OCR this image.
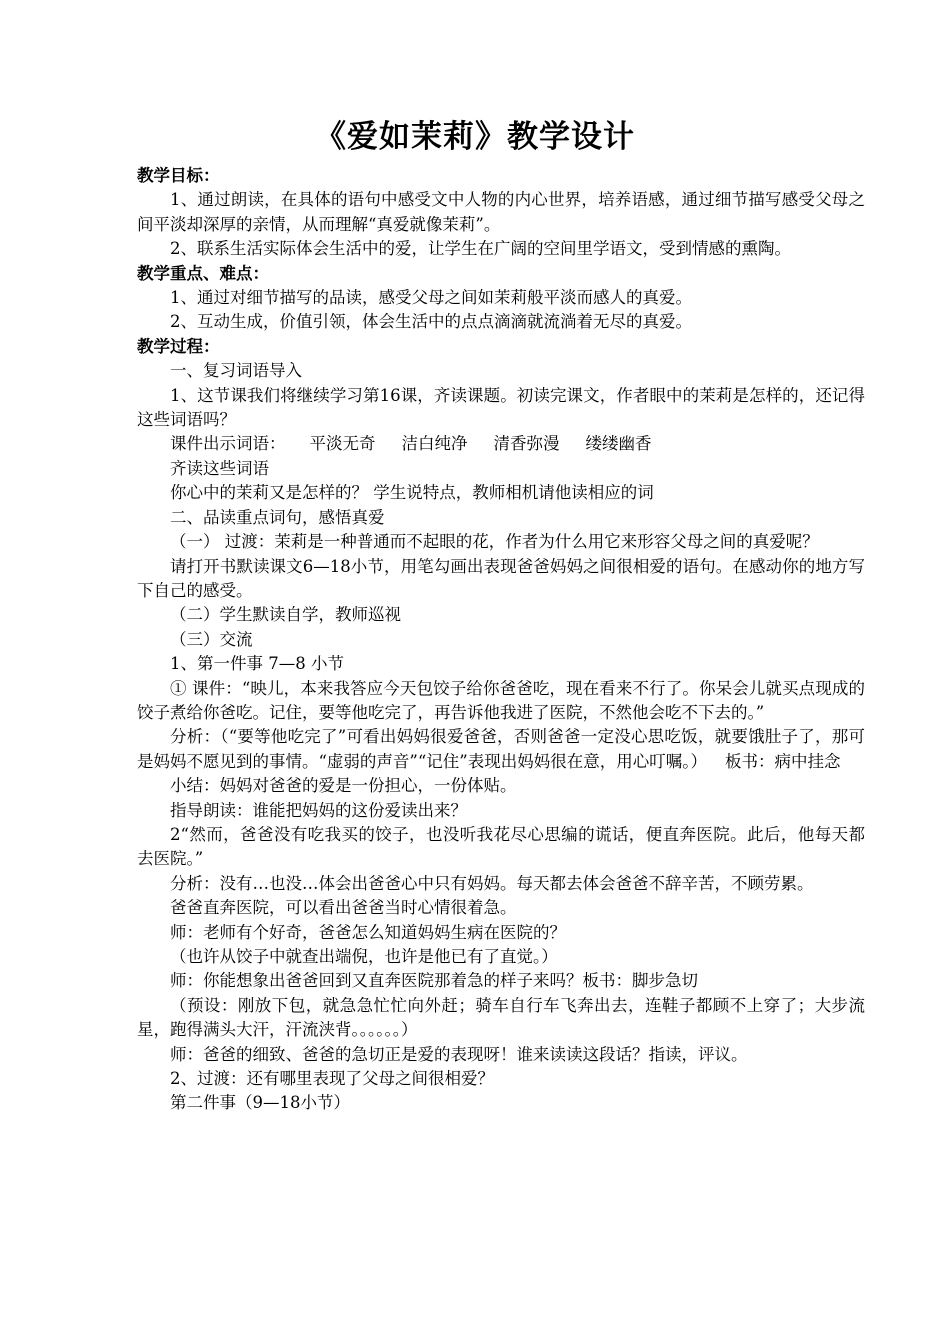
《爱如茉莉》教学设计

教学目标：

1、通过朗读，在具体的语句中感受文中人物的内心世界，培养语感，通过细节描写感受父母之间平淡却深厚的亲情，从而理解“真爱就像茉莉”。

2、联系生活实际体会生活中的爱，让学生在广阔的空间里学语文，受到情感的熏陶。

教学重点、难点：

1、通过对细节描写的品读，感受父母之间如茉莉般平淡而感人的真爱。

2、互动生成，价值引领，体会生活中的点点滴滴就流淌着无尽的真爱。

教学过程：

一、复习词语导入

1、这节课我们将继续学习第16课，齐读课题。初读完课文，作者眼中的茉莉是怎样的，还记得这些词语吗？

课件出示词语： 平淡无奇 洁白纯净 清香弥漫 缕缕幽香

齐读这些词语

你心中的茉莉又是怎样的？ 学生说特点，教师相机请他读相应的词

二、品读重点词句，感悟真爱

（一） 过渡：茉莉是一种普通而不起眼的花，作者为什么用它来形容父母之间的真爱呢？

请打开书默读课文6—18小节，用笔勾画出表现爸爸妈妈之间很相爱的语句。在感动你的地方写下自己的感受。

（二）学生默读自学，教师巡视

（三）交流

1、第一件事 7—8 小节

① 课件：“映儿，本来我答应今天包饺子给你爸爸吃，现在看来不行了。你呆会儿就买点现成的饺子煮给你爸吃。记住，要等他吃完了，再告诉他我进了医院，不然他会吃不下去的。”

分析：（“要等他吃完了”可看出妈妈很爱爸爸，否则爸爸一定没心思吃饭，就要饿肚子了，那可是妈妈不愿见到的事情。“虚弱的声音”“记住”表现出妈妈很在意，用心叮嘱。）	板书：病中挂念

小结：妈妈对爸爸的爱是一份担心，一份体贴。

指导朗读：谁能把妈妈的这份爱读出来？

2“然而，爸爸没有吃我买的饺子，也没听我花尽心思编的谎话，便直奔医院。此后，他每天都去医院。”

分析：没有…也没…体会出爸爸心中只有妈妈。每天都去体会爸爸不辞辛苦，不顾劳累。

爸爸直奔医院，可以看出爸爸当时心情很着急。

师：老师有个好奇，爸爸怎么知道妈妈生病在医院的？

（也许从饺子中就查出端倪，也许是他已有了直觉。）

师：你能想象出爸爸回到又直奔医院那着急的样子来吗？板书：脚步急切

（预设：刚放下包，就急急忙忙向外赶；骑车自行车飞奔出去，连鞋子都顾不上穿了；大步流星，跑得满头大汗，汗流浃背。。。。。。）

师：爸爸的细致、爸爸的急切正是爱的表现呀！谁来读读这段话？指读，评议。

2、过渡：还有哪里表现了父母之间很相爱？

第二件事（9—18小节）
